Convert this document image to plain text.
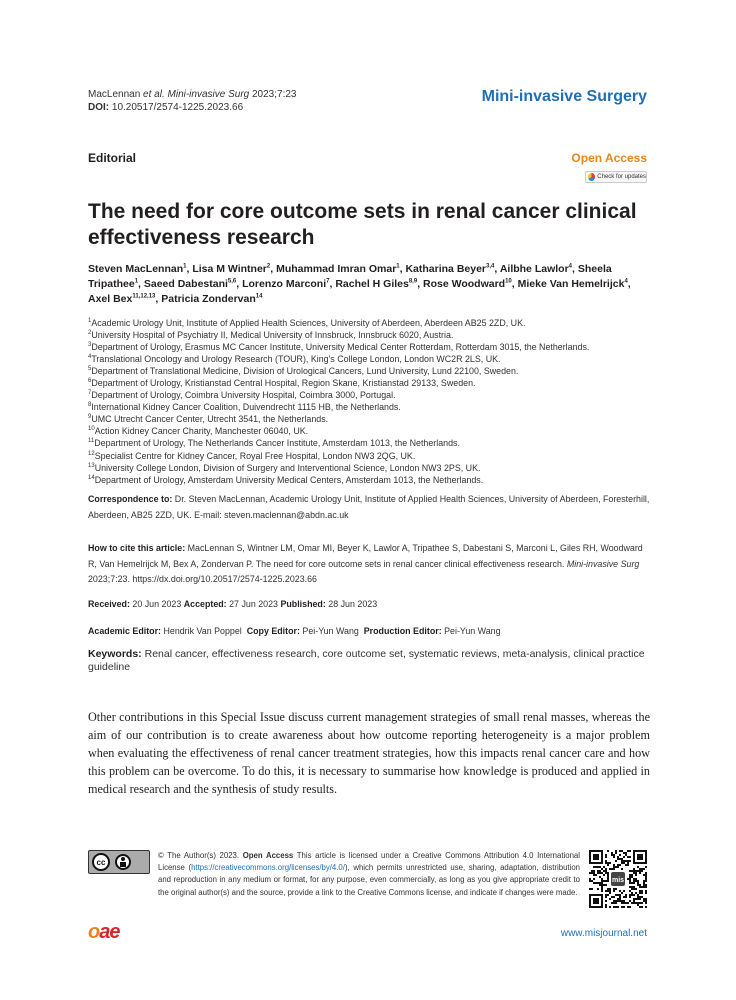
MacLennan et al. Mini-invasive Surg 2023;7:23
DOI: 10.20517/2574-1225.2023.66
Mini-invasive Surgery
Editorial	Open Access
Check for updates
The need for core outcome sets in renal cancer clinical effectiveness research
Steven MacLennan$^1$, Lisa M Wintner$^2$, Muhammad Imran Omar$^1$, Katharina Beyer$^{3,4}$, Ailbhe Lawlor$^4$, Sheela Tripathee$^1$, Saeed Dabestani$^{5,6}$, Lorenzo Marconi$^7$, Rachel H Giles$^{8,9}$, Rose Woodward$^{10}$, Mieke Van Hemelrijck$^4$, Axel Bex$^{11,12,13}$, Patricia Zondervan$^{14}$
$^1$Academic Urology Unit, Institute of Applied Health Sciences, University of Aberdeen, Aberdeen AB25 2ZD, UK.
$^2$University Hospital of Psychiatry II, Medical University of Innsbruck, Innsbruck 6020, Austria.
$^3$Department of Urology, Erasmus MC Cancer Institute, University Medical Center Rotterdam, Rotterdam 3015, the Netherlands.
$^4$Translational Oncology and Urology Research (TOUR), King's College London, London WC2R 2LS, UK.
$^5$Department of Translational Medicine, Division of Urological Cancers, Lund University, Lund 22100, Sweden.
$^6$Department of Urology, Kristianstad Central Hospital, Region Skane, Kristianstad 29133, Sweden.
$^7$Department of Urology, Coimbra University Hospital, Coimbra 3000, Portugal.
$^8$International Kidney Cancer Coalition, Duivendrecht 1115 HB, the Netherlands.
$^9$UMC Utrecht Cancer Center, Utrecht 3541, the Netherlands.
$^{10}$Action Kidney Cancer Charity, Manchester 06040, UK.
$^{11}$Department of Urology, The Netherlands Cancer Institute, Amsterdam 1013, the Netherlands.
$^{12}$Specialist Centre for Kidney Cancer, Royal Free Hospital, London NW3 2QG, UK.
$^{13}$University College London, Division of Surgery and Interventional Science, London NW3 2PS, UK.
$^{14}$Department of Urology, Amsterdam University Medical Centers, Amsterdam 1013, the Netherlands.
Correspondence to: Dr. Steven MacLennan, Academic Urology Unit, Institute of Applied Health Sciences, University of Aberdeen, Foresterhill, Aberdeen, AB25 2ZD, UK. E-mail: steven.maclennan@abdn.ac.uk
How to cite this article: MacLennan S, Wintner LM, Omar MI, Beyer K, Lawlor A, Tripathee S, Dabestani S, Marconi L, Giles RH, Woodward R, Van Hemelrijck M, Bex A, Zondervan P. The need for core outcome sets in renal cancer clinical effectiveness research. Mini-invasive Surg 2023;7:23. https://dx.doi.org/10.20517/2574-1225.2023.66
Received: 20 Jun 2023 Accepted: 27 Jun 2023 Published: 28 Jun 2023
Academic Editor: Hendrik Van Poppel Copy Editor: Pei-Yun Wang Production Editor: Pei-Yun Wang
Keywords: Renal cancer, effectiveness research, core outcome set, systematic reviews, meta-analysis, clinical practice guideline

Other contributions in this Special Issue discuss current management strategies of small renal masses, whereas the aim of our contribution is to create awareness about how outcome reporting heterogeneity is a major problem when evaluating the effectiveness of renal cancer treatment strategies, how this impacts renal cancer care and how this problem can be overcome. To do this, it is necessary to summarise how knowledge is produced and applied in medical research and the synthesis of study results.

© The Author(s) 2023. Open Access This article is licensed under a Creative Commons Attribution 4.0 International License (https://creativecommons.org/licenses/by/4.0/), which permits unrestricted use, sharing, adaptation, distribution and reproduction in any medium or format, for any purpose, even commercially, as long as you give appropriate credit to the original author(s) and the source, provide a link to the Creative Commons license, and indicate if changes were made.
cc
mis
oae	www.misjournal.net
